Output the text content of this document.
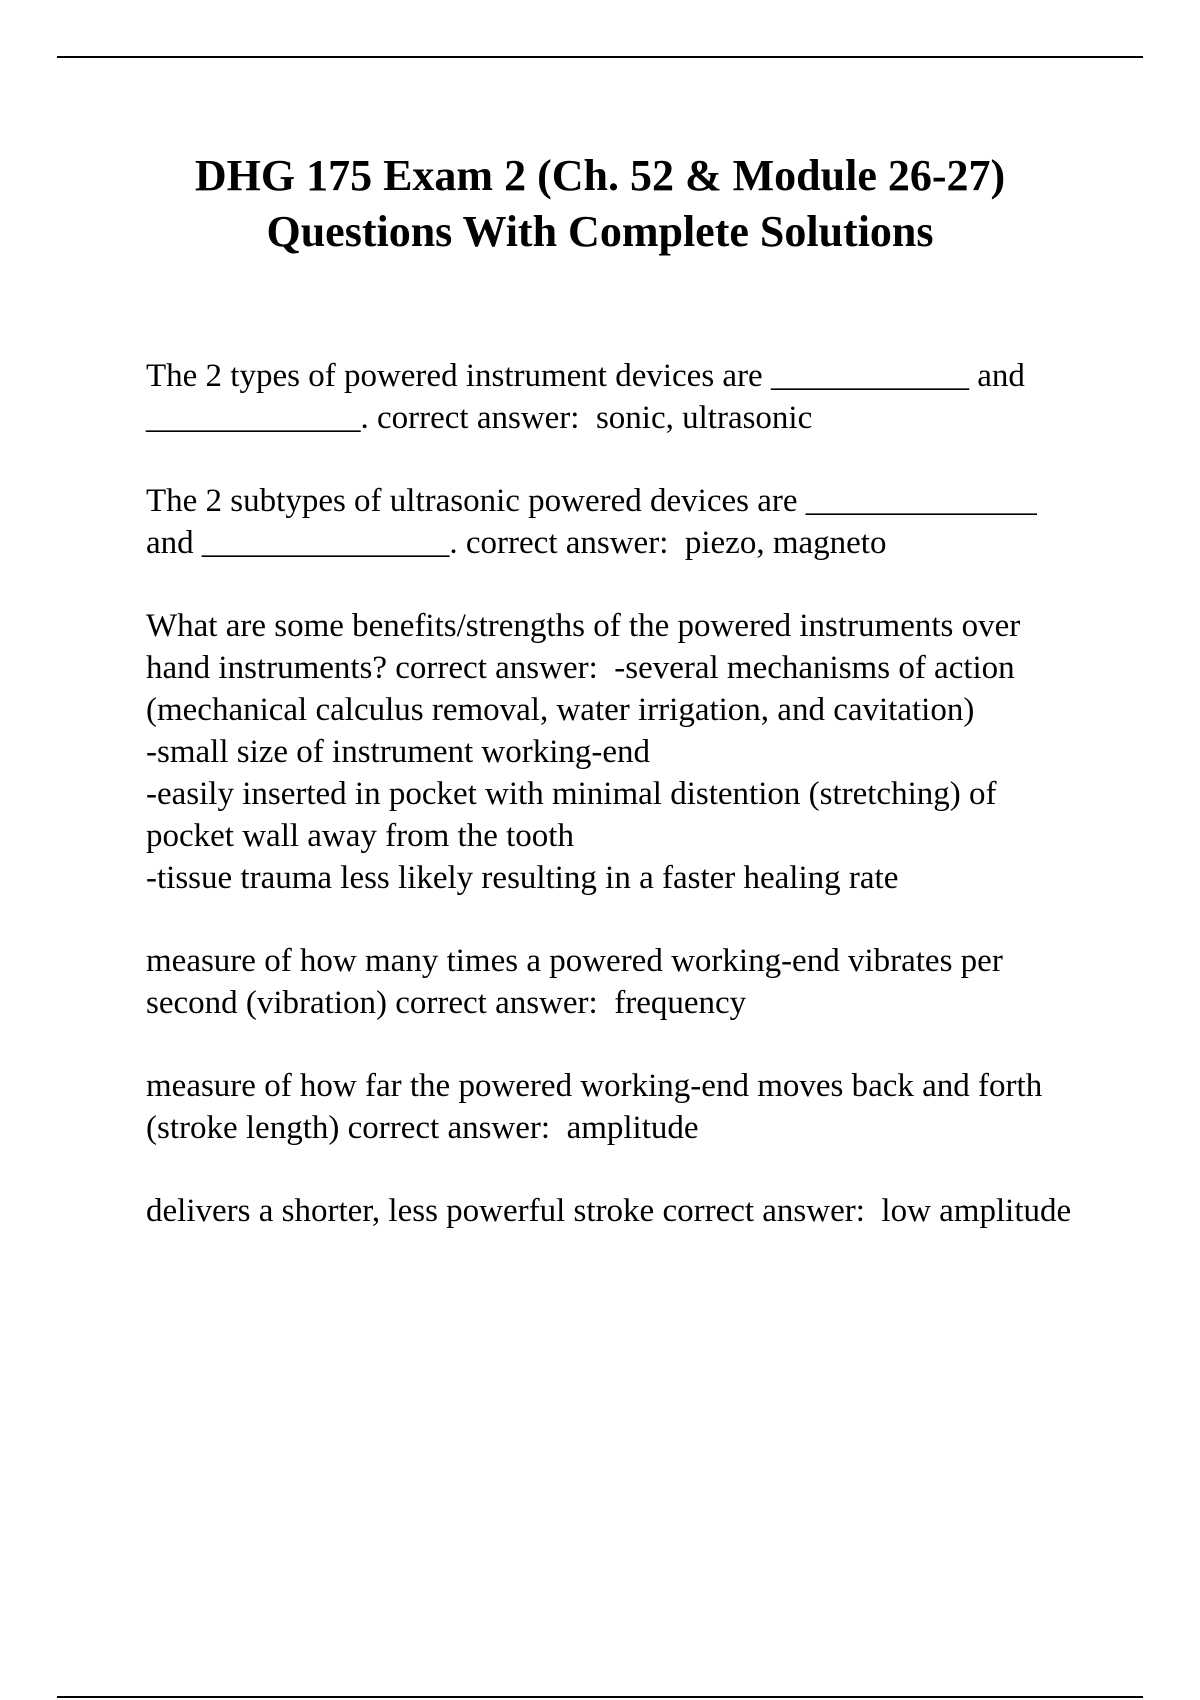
DHG 175 Exam 2 (Ch. 52 & Module 26-27)
Questions With Complete Solutions

The 2 types of powered instrument devices are ____________ and _____________. correct answer:  sonic, ultrasonic

The 2 subtypes of ultrasonic powered devices are ______________ and _______________. correct answer:  piezo, magneto

What are some benefits/strengths of the powered instruments over hand instruments? correct answer:  -several mechanisms of action (mechanical calculus removal, water irrigation, and cavitation)
-small size of instrument working-end
-easily inserted in pocket with minimal distention (stretching) of pocket wall away from the tooth
-tissue trauma less likely resulting in a faster healing rate

measure of how many times a powered working-end vibrates per second (vibration) correct answer:  frequency

measure of how far the powered working-end moves back and forth (stroke length) correct answer:  amplitude

delivers a shorter, less powerful stroke correct answer:  low amplitude
